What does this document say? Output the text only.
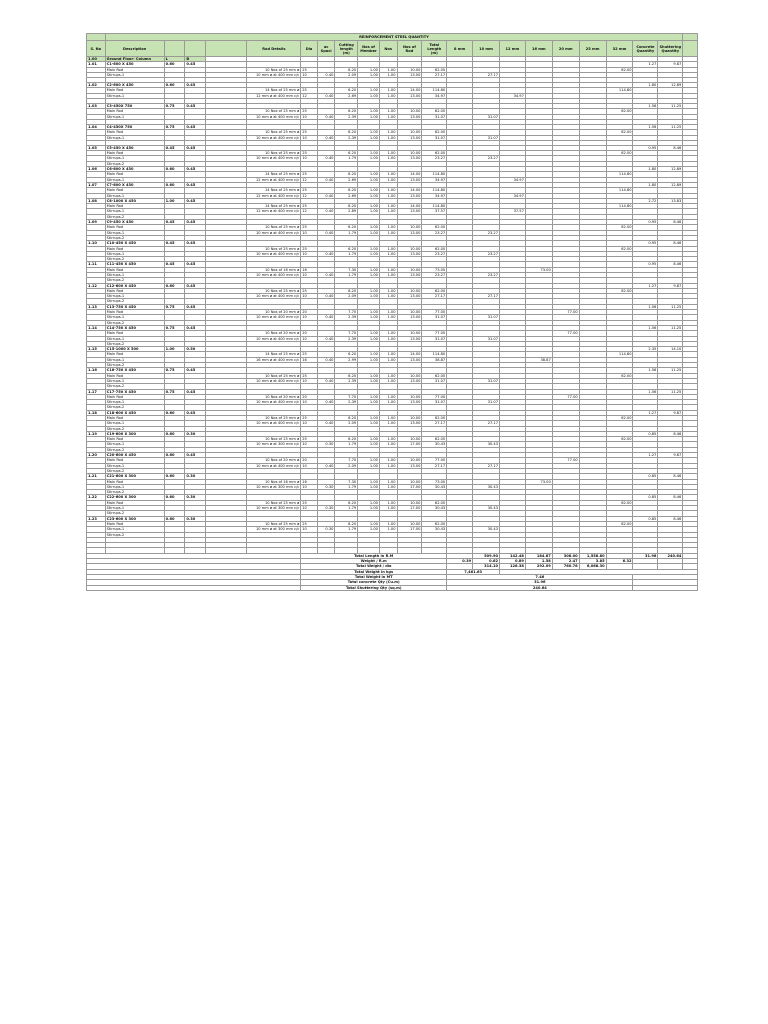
	REINFORCEMENT STEEL QUANTITY																					
S. No	Description				Rod Details	Dia	ac Spaci	Cutting length (m)	Nos of Member	Nos	Nos of Rod	Total Length (m)	8 mm	10 mm	12 mm	16 mm	20 mm	25 mm	32 mm	Concrete Quantity	Shuttering Quantity	
1.00	Ground Floor- Column	L	B																			
1.01	C1-600 X 450	0.60	0.45																	1.27	9.87	
	Main Rod				10 Nos of 25 mm ø	25		6.20	1.00	1.00	10.00	62.00							62.00			
	Stirrups-1				10 mm ø at 400 mm c/c	10	0.40	2.09	1.00	1.00	13.00	27.17		27.17								

1.02	C2-600 X 450	0.60	0.45																	1.80	12.89	
	Main Rod				14 Nos of 25 mm ø	25		6.20	1.00	1.00	14.00	114.80							114.80			
	Stirrups-1				12 mm ø at 400 mm c/c	12	0.40	2.69	1.00	1.00	13.00	34.97			34.97							

1.03	C3-450X 750	0.75	0.45																	1.56	11.25	
	Main Rod				10 Nos of 25 mm ø	25		6.20	1.00	1.00	10.00	62.00							62.00			
	Stirrups-1				10 mm ø at 400 mm c/c	10	0.40	2.39	1.00	1.00	13.00	31.07		31.07								

1.04	C4-450X 750	0.75	0.45																	1.56	11.25	
	Main Rod				10 Nos of 25 mm ø	25		6.20	1.00	1.00	10.00	62.00							62.00			
	Stirrups-1				10 mm ø at 400 mm c/c	10	0.40	2.39	1.00	1.00	13.00	31.07		31.07								

1.05	C5-450 X 450	0.45	0.45																	0.95	8.46	
	Main Rod				10 Nos of 25 mm ø	25		6.20	1.00	1.00	10.00	62.00							62.00			
	Stirrups-1				10 mm ø at 400 mm c/c	10	0.40	1.79	1.00	1.00	13.00	23.27		23.27								
	Stirrups-2																					
1.06	C6-600 X 450	0.60	0.45																	1.80	12.89	
	Main Rod				14 Nos of 25 mm ø	25		6.20	1.00	1.00	14.00	114.80							114.80			
	Stirrups-1				12 mm ø at 400 mm c/c	12	0.40	2.69	1.00	1.00	13.00	34.97			34.97							
1.07	C7-600 X 450	0.60	0.45																	1.80	12.89	
	Main Rod				14 Nos of 25 mm ø	25		6.20	1.00	1.00	14.00	114.80							114.80			
	Stirrups-1				12 mm ø at 400 mm c/c	12	0.40	2.69	1.00	1.00	13.00	34.97			34.97							
1.08	C8-1000 X 450	1.00	0.45																	2.72	13.83	
	Main Rod				14 Nos of 25 mm ø	25		6.20	1.00	1.00	14.00	114.80							114.80			
	Stirrups-1				12 mm ø at 400 mm c/c	12	0.40	2.89	1.00	1.00	13.00	37.57			37.57							
	Stirrups-2																					
1.09	C9-450 X 450	0.45	0.45																	0.95	8.46	
	Main Rod				10 Nos of 25 mm ø	25		6.20	1.00	1.00	10.00	62.00							62.00			
	Stirrups-1				10 mm ø at 400 mm c/c	10	0.40	1.79	1.00	1.00	13.00	23.27		23.27								
	Stirrups-2																					
1.10	C10-450 X 450	0.45	0.45																	0.95	8.46	
	Main Rod				10 Nos of 25 mm ø	25		6.20	1.00	1.00	10.00	62.00							62.00			
	Stirrups-1				10 mm ø at 400 mm c/c	10	0.40	1.79	1.00	1.00	13.00	23.27		23.27								
	Stirrups-2																					
1.11	C11-450 X 450	0.45	0.45																	0.95	8.46	
	Main Rod				10 Nos of 16 mm ø	16		7.30	1.00	1.00	10.00	73.00				73.00						
	Stirrups-1				10 mm ø at 400 mm c/c	10	0.40	1.79	1.00	1.00	13.00	23.27		23.27								
	Stirrups-2																					
1.12	C12-600 X 450	0.60	0.45																	1.27	9.87	
	Main Rod				10 Nos of 25 mm ø	25		6.20	1.00	1.00	10.00	62.00							62.00			
	Stirrups-1				10 mm ø at 400 mm c/c	10	0.40	2.09	1.00	1.00	13.00	27.17		27.17								
	Stirrups-2																					
1.13	C13-750 X 450	0.75	0.45																	1.56	11.25	
	Main Rod				10 Nos of 20 mm ø	20		7.70	1.00	1.00	10.00	77.00					77.00					
	Stirrups-1				10 mm ø at 400 mm c/c	10	0.40	2.39	1.00	1.00	13.00	31.07		31.07								
	Stirrups-2																					
1.14	C14-750 X 450	0.75	0.45																	1.56	11.25	
	Main Rod				10 Nos of 20 mm ø	20		7.70	1.00	1.00	10.00	77.00					77.00					
	Stirrups-1				10 mm ø at 400 mm c/c	10	0.40	2.39	1.00	1.00	13.00	31.07		31.07								
	Stirrups-2																					
1.15	C15-1000 X 500	1.00	0.50																	2.35	14.10	
	Main Rod				14 Nos of 25 mm ø	25		6.20	1.00	1.00	14.00	114.80							114.80			
	Stirrups-1				16 mm ø at 400 mm c/c	16	0.40	2.99	1.00	1.00	13.00	38.87				38.87						
	Stirrups-2																					
1.16	C16-750 X 450	0.75	0.45																	1.56	11.25	
	Main Rod				10 Nos of 25 mm ø	25		6.20	1.00	1.00	10.00	62.00							62.00			
	Stirrups-1				10 mm ø at 400 mm c/c	10	0.40	2.39	1.00	1.00	13.00	31.07		31.07								
	Stirrups-2																					
1.17	C17-750 X 450	0.75	0.45																	1.56	11.25	
	Main Rod				10 Nos of 20 mm ø	20		7.70	1.00	1.00	10.00	77.00					77.00					
	Stirrups-1				10 mm ø at 400 mm c/c	10	0.40	2.39	1.00	1.00	13.00	31.07		31.07								
	Stirrups-2																					
1.18	C18-600 X 450	0.60	0.45																	1.27	9.87	
	Main Rod				10 Nos of 25 mm ø	25		6.20	1.00	1.00	10.00	62.00							62.00			
	Stirrups-1				10 mm ø at 400 mm c/c	10	0.40	2.09	1.00	1.00	13.00	27.17		27.17								
	Stirrups-2																					
1.19	C19-600 X 300	0.60	0.30																	0.85	8.46	
	Main Rod				10 Nos of 25 mm ø	25		6.20	1.00	1.00	10.00	62.00							62.00			
	Stirrups-1				10 mm ø at 300 mm c/c	10	0.30	1.79	1.00	1.00	17.00	30.43		30.43								
	Stirrups-2																					
1.20	C20-600 X 450	0.60	0.45																	1.27	9.87	
	Main Rod				10 Nos of 20 mm ø	20		7.70	1.00	1.00	10.00	77.00					77.00					
	Stirrups-1				10 mm ø at 400 mm c/c	10	0.40	2.09	1.00	1.00	13.00	27.17		27.17								
	Stirrups-2																					
1.21	C21-600 X 300	0.60	0.30																	0.85	8.46	
	Main Rod				10 Nos of 16 mm ø	16		7.30	1.00	1.00	10.00	73.00				73.00						
	Stirrups-1				10 mm ø at 300 mm c/c	10	0.30	1.79	1.00	1.00	17.00	30.43		30.43								
	Stirrups-2																					
1.22	C22-600 X 300	0.60	0.30																	0.85	8.46	
	Main Rod				10 Nos of 25 mm ø	25		6.20	1.00	1.00	10.00	62.00							62.00			
	Stirrups-1				10 mm ø at 300 mm c/c	10	0.30	1.79	1.00	1.00	17.00	30.43		30.43								
	Stirrups-2																					
1.23	C23-600 X 300	0.60	0.30																	0.85	8.46	
	Main Rod				10 Nos of 25 mm ø	25		6.20	1.00	1.00	10.00	62.00							62.00			
	Stirrups-1				10 mm ø at 300 mm c/c	10	0.30	1.79	1.00	1.00	17.00	30.43		30.43								
	Stirrups-2																					

						Total Length in R.M								509.90	142.48	184.87	308.00	1,558.80		31.96	240.64	
						Weight / R.m							0.39	0.62	0.89	1.58	2.47	3.85	6.32			
						Total Weight / dia								314.10	126.38	292.09	760.76	6,068.30				
						Total Weight in kgs							7,461.63									
						Total Weight in MT							7.46									
						Total concrete Qty (Cu.m)							31.96									
						Total Shuttering Qty (sq.m)							240.64									
